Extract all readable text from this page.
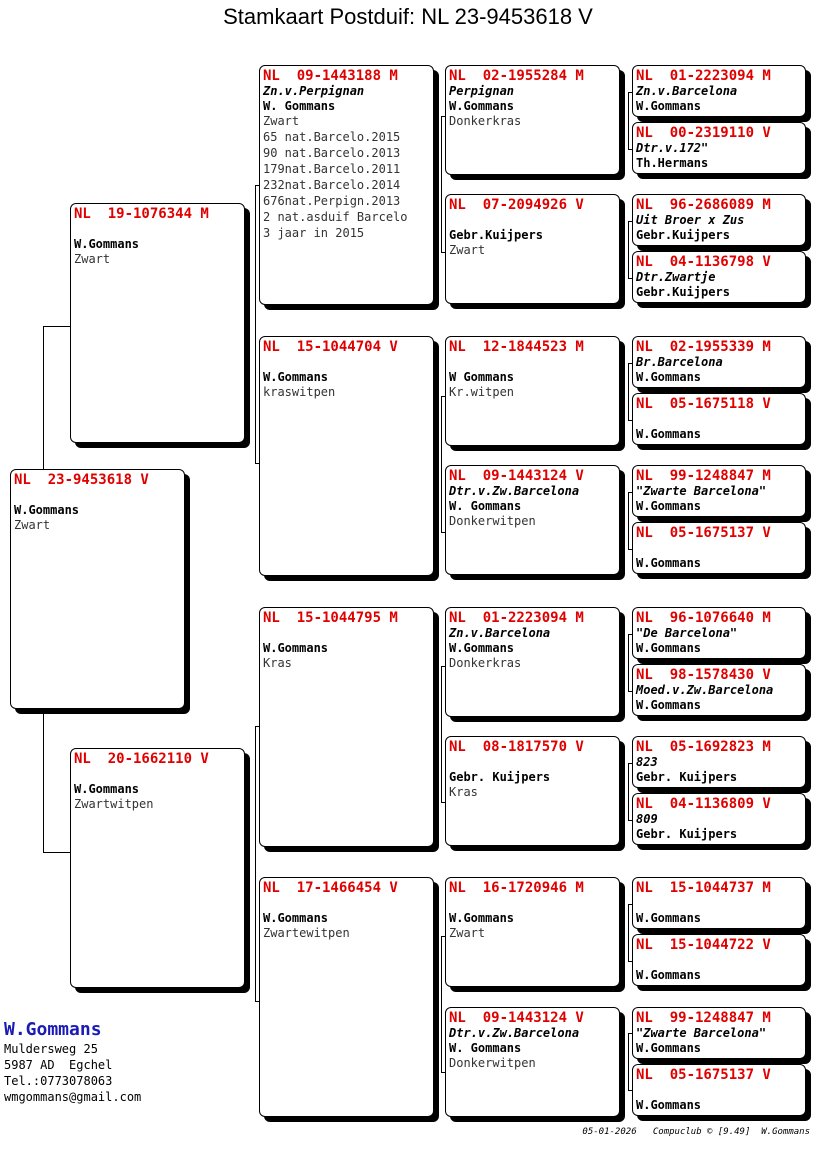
Stamkaart Postduif: NL 23-9453618 V
NL  23-9453618 V
W.Gommans
Zwart
NL  19-1076344 M
W.Gommans
Zwart
NL  20-1662110 V
W.Gommans
Zwartwitpen
NL  09-1443188 M
Zn.v.Perpignan
W. Gommans
Zwart
65 nat.Barcelo.2015
90 nat.Barcelo.2013
179nat.Barcelo.2011
232nat.Barcelo.2014
676nat.Perpign.2013
2 nat.asduif Barcelo
3 jaar in 2015
NL  15-1044704 V
W.Gommans
kraswitpen
NL  15-1044795 M
W.Gommans
Kras
NL  17-1466454 V
W.Gommans
Zwartewitpen
NL  02-1955284 M
Perpignan
W.Gommans
Donkerkras
NL  07-2094926 V
Gebr.Kuijpers
Zwart
NL  12-1844523 M
W Gommans
Kr.witpen
NL  09-1443124 V
Dtr.v.Zw.Barcelona
W. Gommans
Donkerwitpen
NL  01-2223094 M
Zn.v.Barcelona
W.Gommans
Donkerkras
NL  08-1817570 V
Gebr. Kuijpers
Kras
NL  16-1720946 M
W.Gommans
Zwart
NL  09-1443124 V
Dtr.v.Zw.Barcelona
W. Gommans
Donkerwitpen
NL  01-2223094 M
Zn.v.Barcelona
W.Gommans
NL  00-2319110 V
Dtr.v.172"
Th.Hermans
NL  96-2686089 M
Uit Broer x Zus
Gebr.Kuijpers
NL  04-1136798 V
Dtr.Zwartje
Gebr.Kuijpers
NL  02-1955339 M
Br.Barcelona
W.Gommans
NL  05-1675118 V
W.Gommans
NL  99-1248847 M
"Zwarte Barcelona"
W.Gommans
NL  05-1675137 V
W.Gommans
NL  96-1076640 M
"De Barcelona"
W.Gommans
NL  98-1578430 V
Moed.v.Zw.Barcelona
W.Gommans
NL  05-1692823 M
823
Gebr. Kuijpers
NL  04-1136809 V
809
Gebr. Kuijpers
NL  15-1044737 M
W.Gommans
NL  15-1044722 V
W.Gommans
NL  99-1248847 M
"Zwarte Barcelona"
W.Gommans
NL  05-1675137 V
W.Gommans
W.Gommans
Muldersweg 25
5987 AD  Egchel
Tel.:0773078063
wmgommans@gmail.com
05-01-2026   Compuclub © [9.49]  W.Gommans
